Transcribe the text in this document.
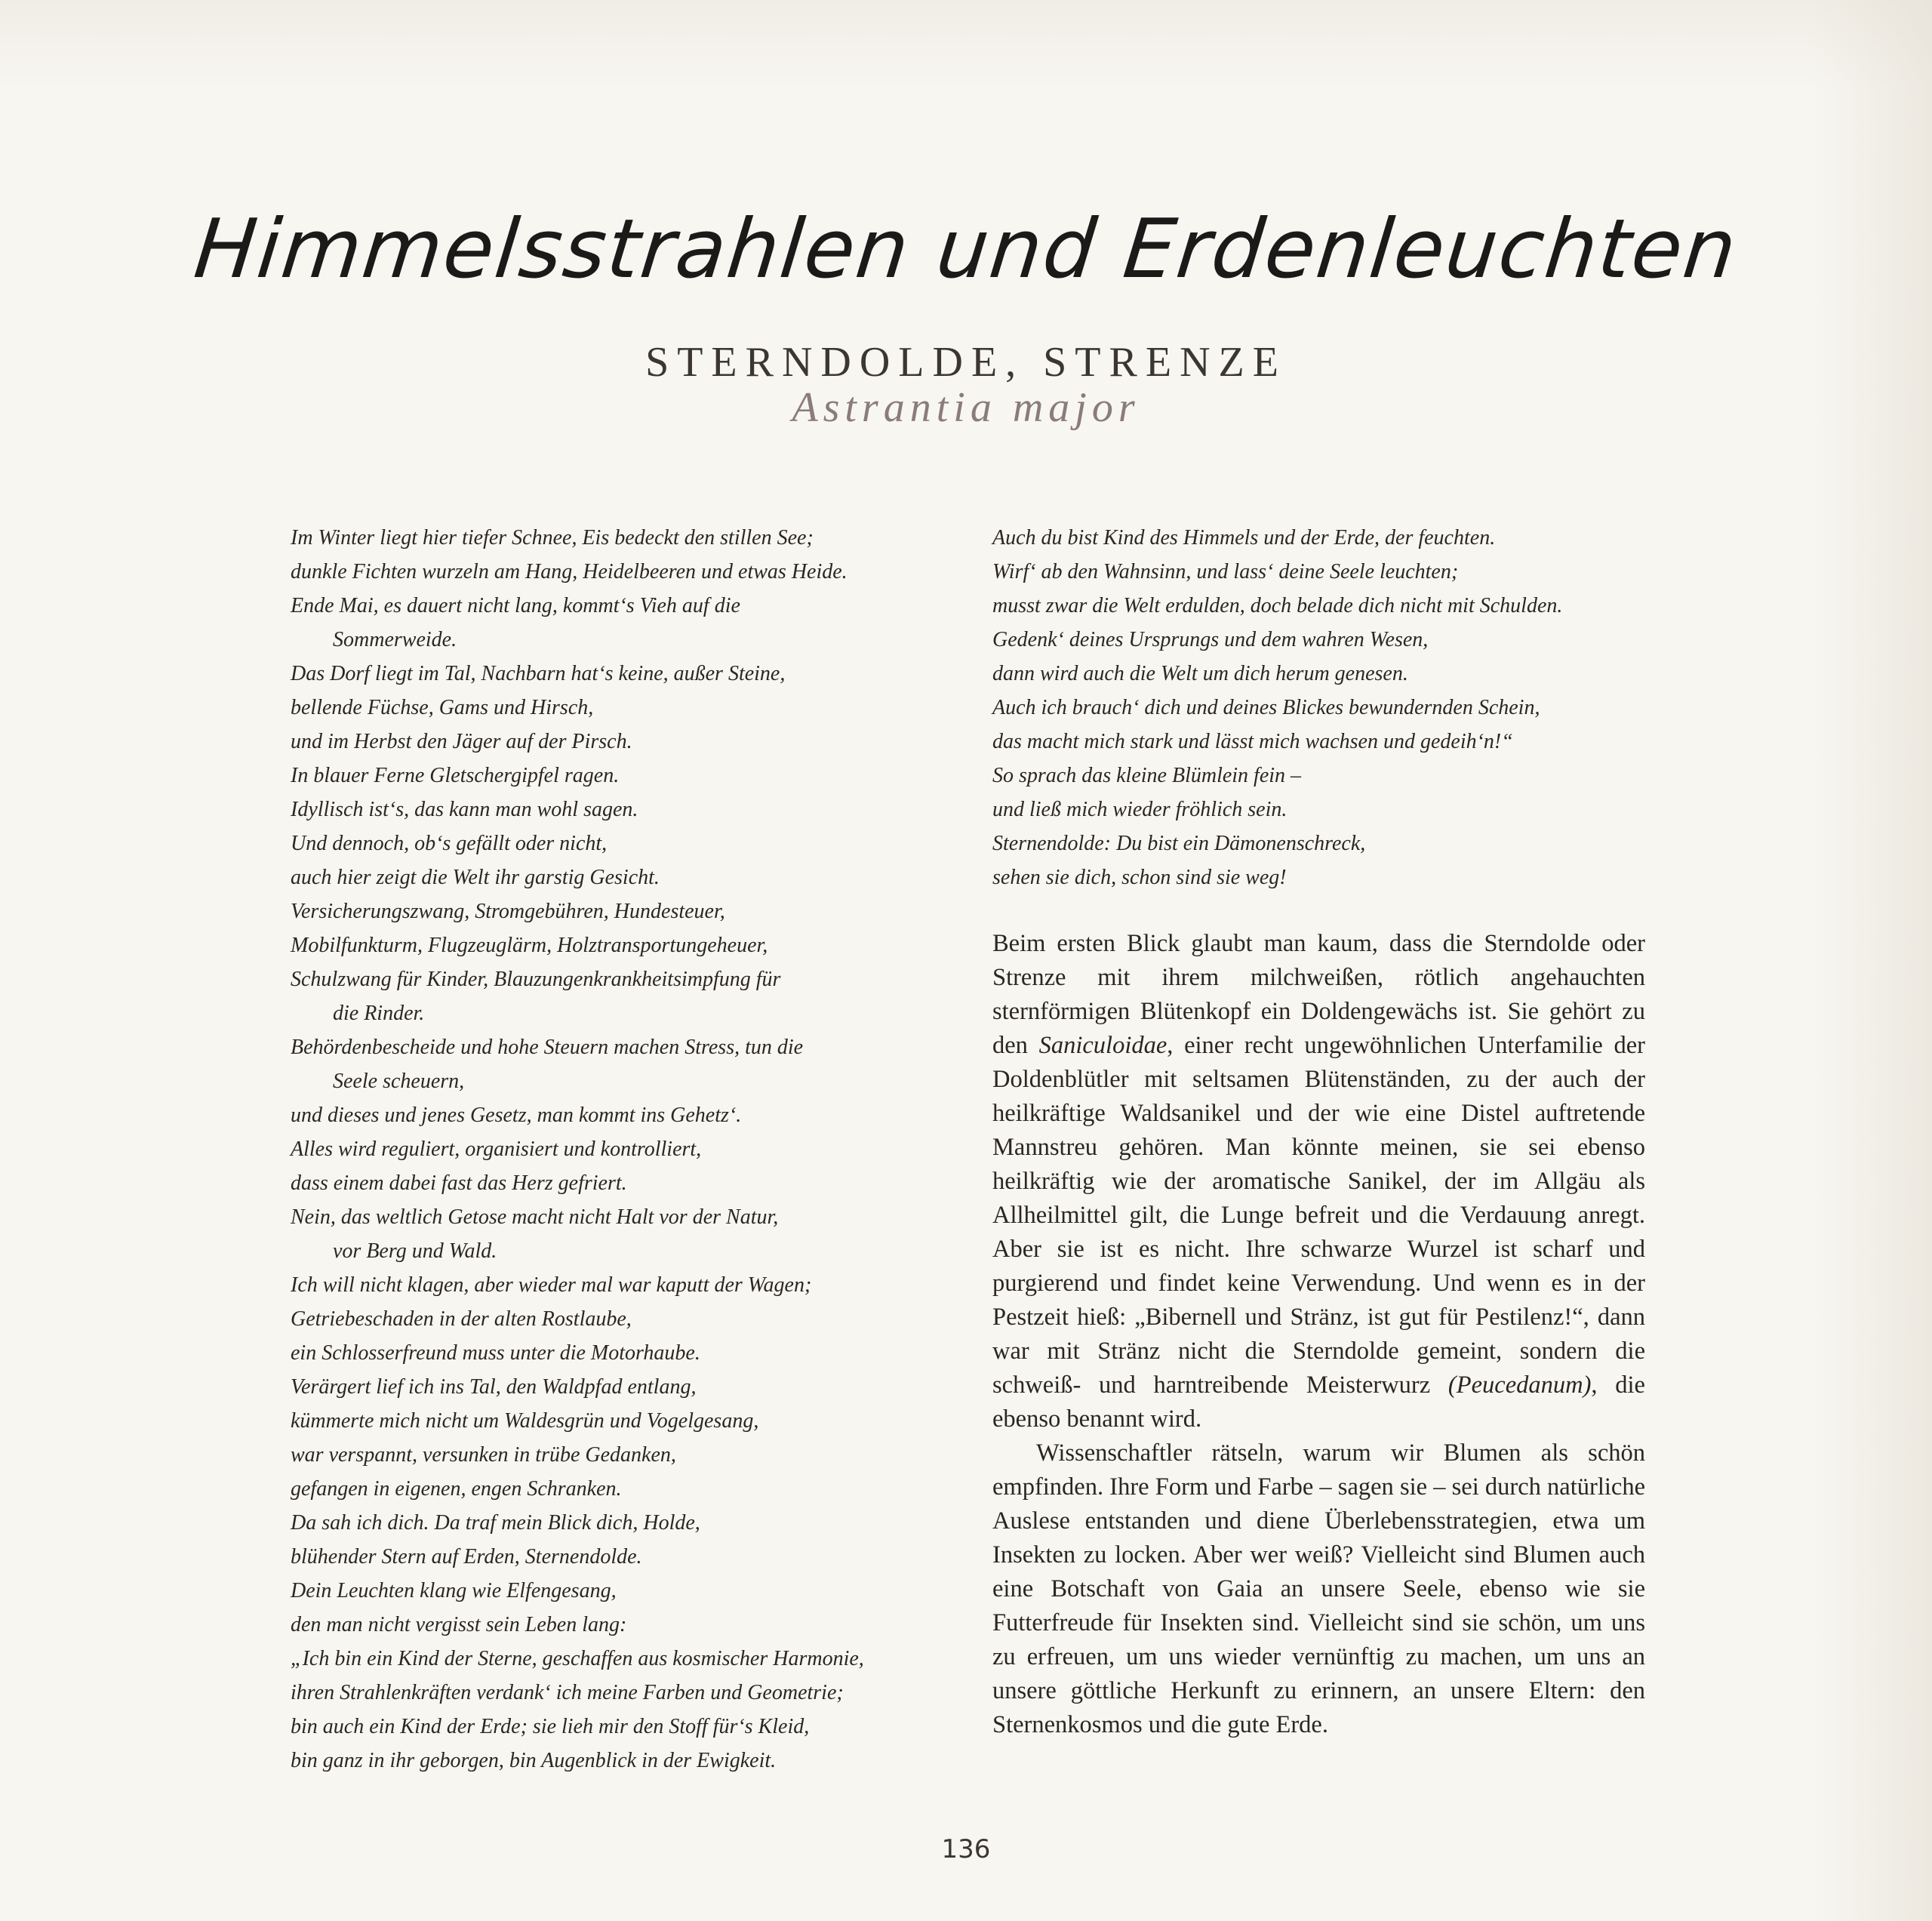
Himmelsstrahlen und Erdenleuchten
STERNDOLDE, STRENZE
Astrantia major
Im Winter liegt hier tiefer Schnee, Eis bedeckt den stillen See;
dunkle Fichten wurzeln am Hang, Heidelbeeren und etwas Heide.
Ende Mai, es dauert nicht lang, kommt‘s Vieh auf die
Sommerweide.
Das Dorf liegt im Tal, Nachbarn hat‘s keine, außer Steine,
bellende Füchse, Gams und Hirsch,
und im Herbst den Jäger auf der Pirsch.
In blauer Ferne Gletschergipfel ragen.
Idyllisch ist‘s, das kann man wohl sagen.
Und dennoch, ob‘s gefällt oder nicht,
auch hier zeigt die Welt ihr garstig Gesicht.
Versicherungszwang, Stromgebühren, Hundesteuer,
Mobilfunkturm, Flugzeuglärm, Holztransportungeheuer,
Schulzwang für Kinder, Blauzungenkrankheitsimpfung für
die Rinder.
Behördenbescheide und hohe Steuern machen Stress, tun die
Seele scheuern,
und dieses und jenes Gesetz, man kommt ins Gehetz‘.
Alles wird reguliert, organisiert und kontrolliert,
dass einem dabei fast das Herz gefriert.
Nein, das weltlich Getose macht nicht Halt vor der Natur,
vor Berg und Wald.
Ich will nicht klagen, aber wieder mal war kaputt der Wagen;
Getriebeschaden in der alten Rostlaube,
ein Schlosserfreund muss unter die Motorhaube.
Verärgert lief ich ins Tal, den Waldpfad entlang,
kümmerte mich nicht um Waldesgrün und Vogelgesang,
war verspannt, versunken in trübe Gedanken,
gefangen in eigenen, engen Schranken.
Da sah ich dich. Da traf mein Blick dich, Holde,
blühender Stern auf Erden, Sternendolde.
Dein Leuchten klang wie Elfengesang,
den man nicht vergisst sein Leben lang:
„Ich bin ein Kind der Sterne, geschaffen aus kosmischer Harmonie,
ihren Strahlenkräften verdank‘ ich meine Farben und Geometrie;
bin auch ein Kind der Erde; sie lieh mir den Stoff für‘s Kleid,
bin ganz in ihr geborgen, bin Augenblick in der Ewigkeit.
Auch du bist Kind des Himmels und der Erde, der feuchten.
Wirf‘ ab den Wahnsinn, und lass‘ deine Seele leuchten;
musst zwar die Welt erdulden, doch belade dich nicht mit Schulden.
Gedenk‘ deines Ursprungs und dem wahren Wesen,
dann wird auch die Welt um dich herum genesen.
Auch ich brauch‘ dich und deines Blickes bewundernden Schein,
das macht mich stark und lässt mich wachsen und gedeih‘n!“
So sprach das kleine Blümlein fein –
und ließ mich wieder fröhlich sein.
Sternendolde: Du bist ein Dämonenschreck,
sehen sie dich, schon sind sie weg!

Beim ersten Blick glaubt man kaum, dass die Sterndolde oder Strenze mit ihrem milchweißen, rötlich angehauchten sternförmigen Blütenkopf ein Doldengewächs ist. Sie gehört zu den Saniculoidae, einer recht ungewöhnlichen Unterfamilie der Doldenblütler mit seltsamen Blütenständen, zu der auch der heilkräftige Waldsanikel und der wie eine Distel auftretende Mannstreu gehören. Man könnte meinen, sie sei ebenso heilkräftig wie der aromatische Sanikel, der im Allgäu als Allheilmittel gilt, die Lunge befreit und die Verdauung anregt. Aber sie ist es nicht. Ihre schwarze Wurzel ist scharf und purgierend und findet keine Verwendung. Und wenn es in der Pestzeit hieß: „Bibernell und Stränz, ist gut für Pestilenz!“, dann war mit Stränz nicht die Sterndolde gemeint, sondern die schweiß- und harntreibende Meisterwurz (Peucedanum), die ebenso benannt wird.

Wissenschaftler rätseln, warum wir Blumen als schön empfinden. Ihre Form und Farbe – sagen sie – sei durch natürliche Auslese entstanden und diene Überlebensstrategien, etwa um Insekten zu locken. Aber wer weiß? Vielleicht sind Blumen auch eine Botschaft von Gaia an unsere Seele, ebenso wie sie Futterfreude für Insekten sind. Vielleicht sind sie schön, um uns zu erfreuen, um uns wieder vernünftig zu machen, um uns an unsere göttliche Herkunft zu erinnern, an unsere Eltern: den Sternenkosmos und die gute Erde.

136
